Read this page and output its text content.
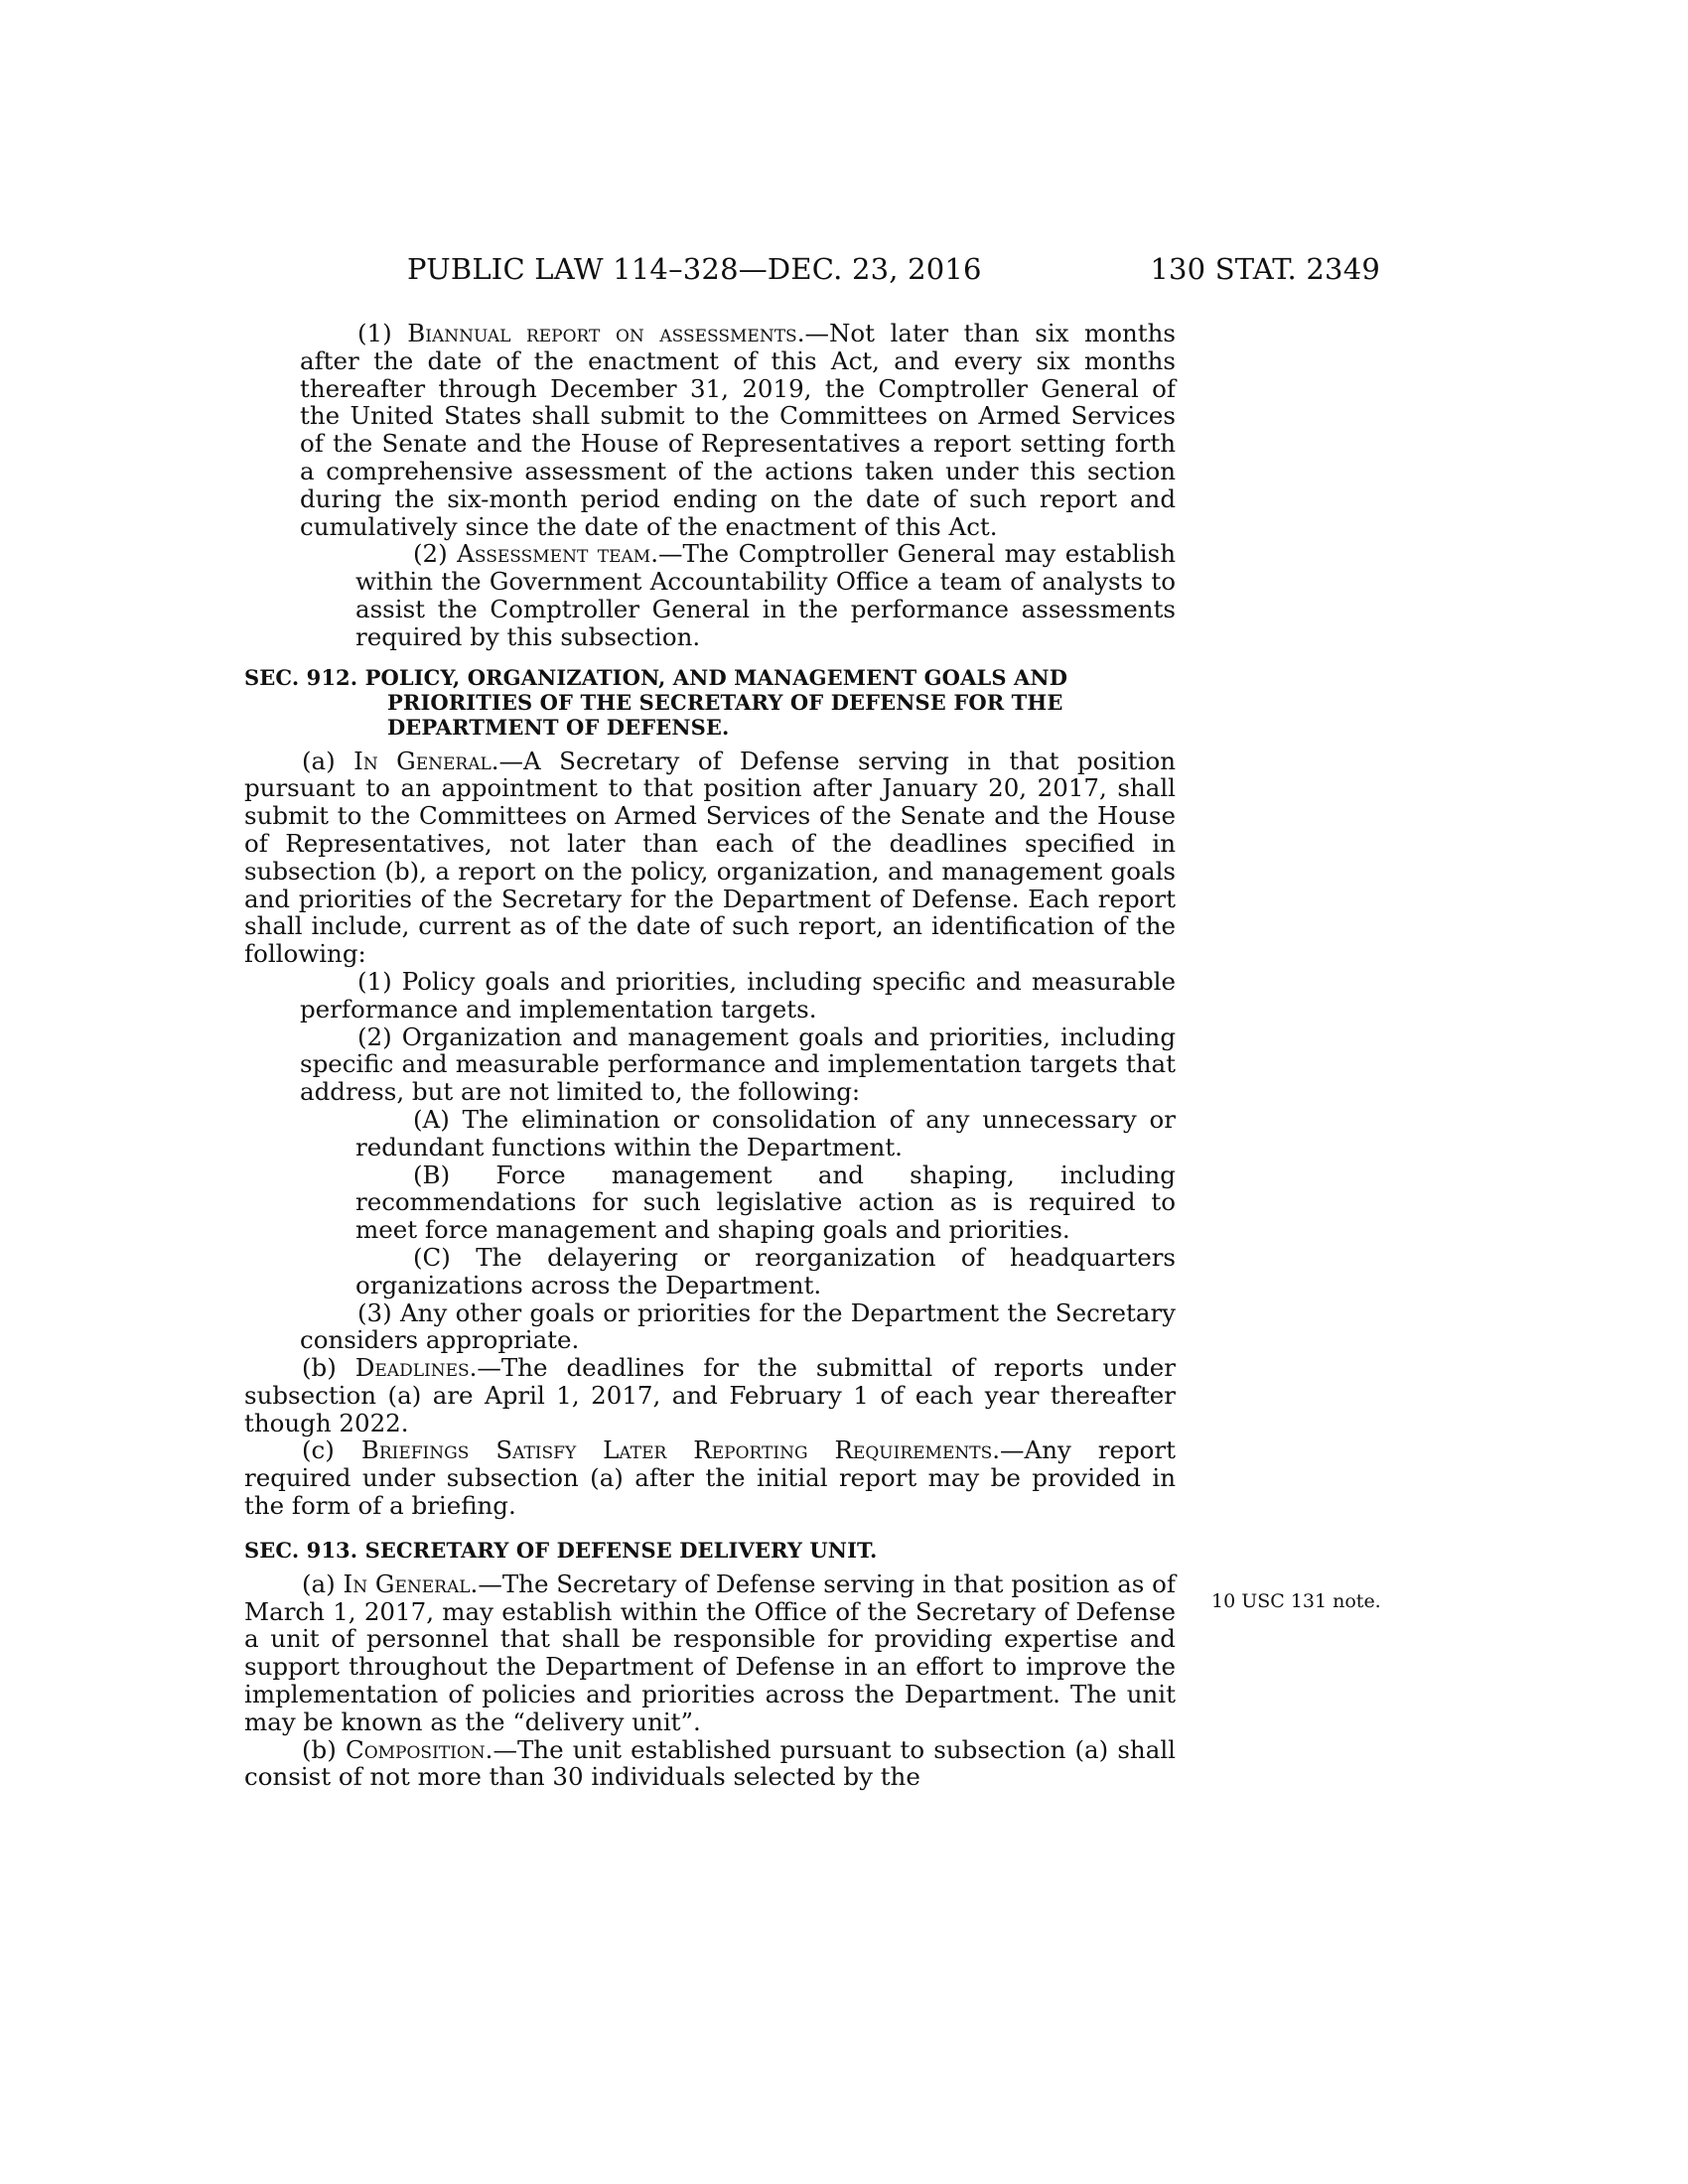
PUBLIC LAW 114–328—DEC. 23, 2016	130 STAT. 2349
10 USC 131 note.

(1) Biannual report on assessments.—Not later than six months after the date of the enactment of this Act, and every six months thereafter through December 31, 2019, the Comptroller General of the United States shall submit to the Committees on Armed Services of the Senate and the House of Representatives a report setting forth a comprehensive assessment of the actions taken under this section during the six-month period ending on the date of such report and cumulatively since the date of the enactment of this Act.

(2) Assessment team.—The Comptroller General may establish within the Government Accountability Office a team of analysts to assist the Comptroller General in the performance assessments required by this subsection.

SEC. 912. POLICY, ORGANIZATION, AND MANAGEMENT GOALS AND PRIORITIES OF THE SECRETARY OF DEFENSE FOR THE DEPARTMENT OF DEFENSE.

(a) In General.—A Secretary of Defense serving in that position pursuant to an appointment to that position after January 20, 2017, shall submit to the Committees on Armed Services of the Senate and the House of Representatives, not later than each of the deadlines specified in subsection (b), a report on the policy, organization, and management goals and priorities of the Secretary for the Department of Defense. Each report shall include, current as of the date of such report, an identification of the following:

(1) Policy goals and priorities, including specific and measurable performance and implementation targets.

(2) Organization and management goals and priorities, including specific and measurable performance and implementation targets that address, but are not limited to, the following:

(A) The elimination or consolidation of any unnecessary or redundant functions within the Department.

(B) Force management and shaping, including recommendations for such legislative action as is required to meet force management and shaping goals and priorities.

(C) The delayering or reorganization of headquarters organizations across the Department.

(3) Any other goals or priorities for the Department the Secretary considers appropriate.

(b) Deadlines.—The deadlines for the submittal of reports under subsection (a) are April 1, 2017, and February 1 of each year thereafter though 2022.

(c) Briefings Satisfy Later Reporting Requirements.—Any report required under subsection (a) after the initial report may be provided in the form of a briefing.

SEC. 913. SECRETARY OF DEFENSE DELIVERY UNIT.

(a) In General.—The Secretary of Defense serving in that position as of March 1, 2017, may establish within the Office of the Secretary of Defense a unit of personnel that shall be responsible for providing expertise and support throughout the Department of Defense in an effort to improve the implementation of policies and priorities across the Department. The unit may be known as the “delivery unit”.

(b) Composition.—The unit established pursuant to subsection (a) shall consist of not more than 30 individuals selected by the
